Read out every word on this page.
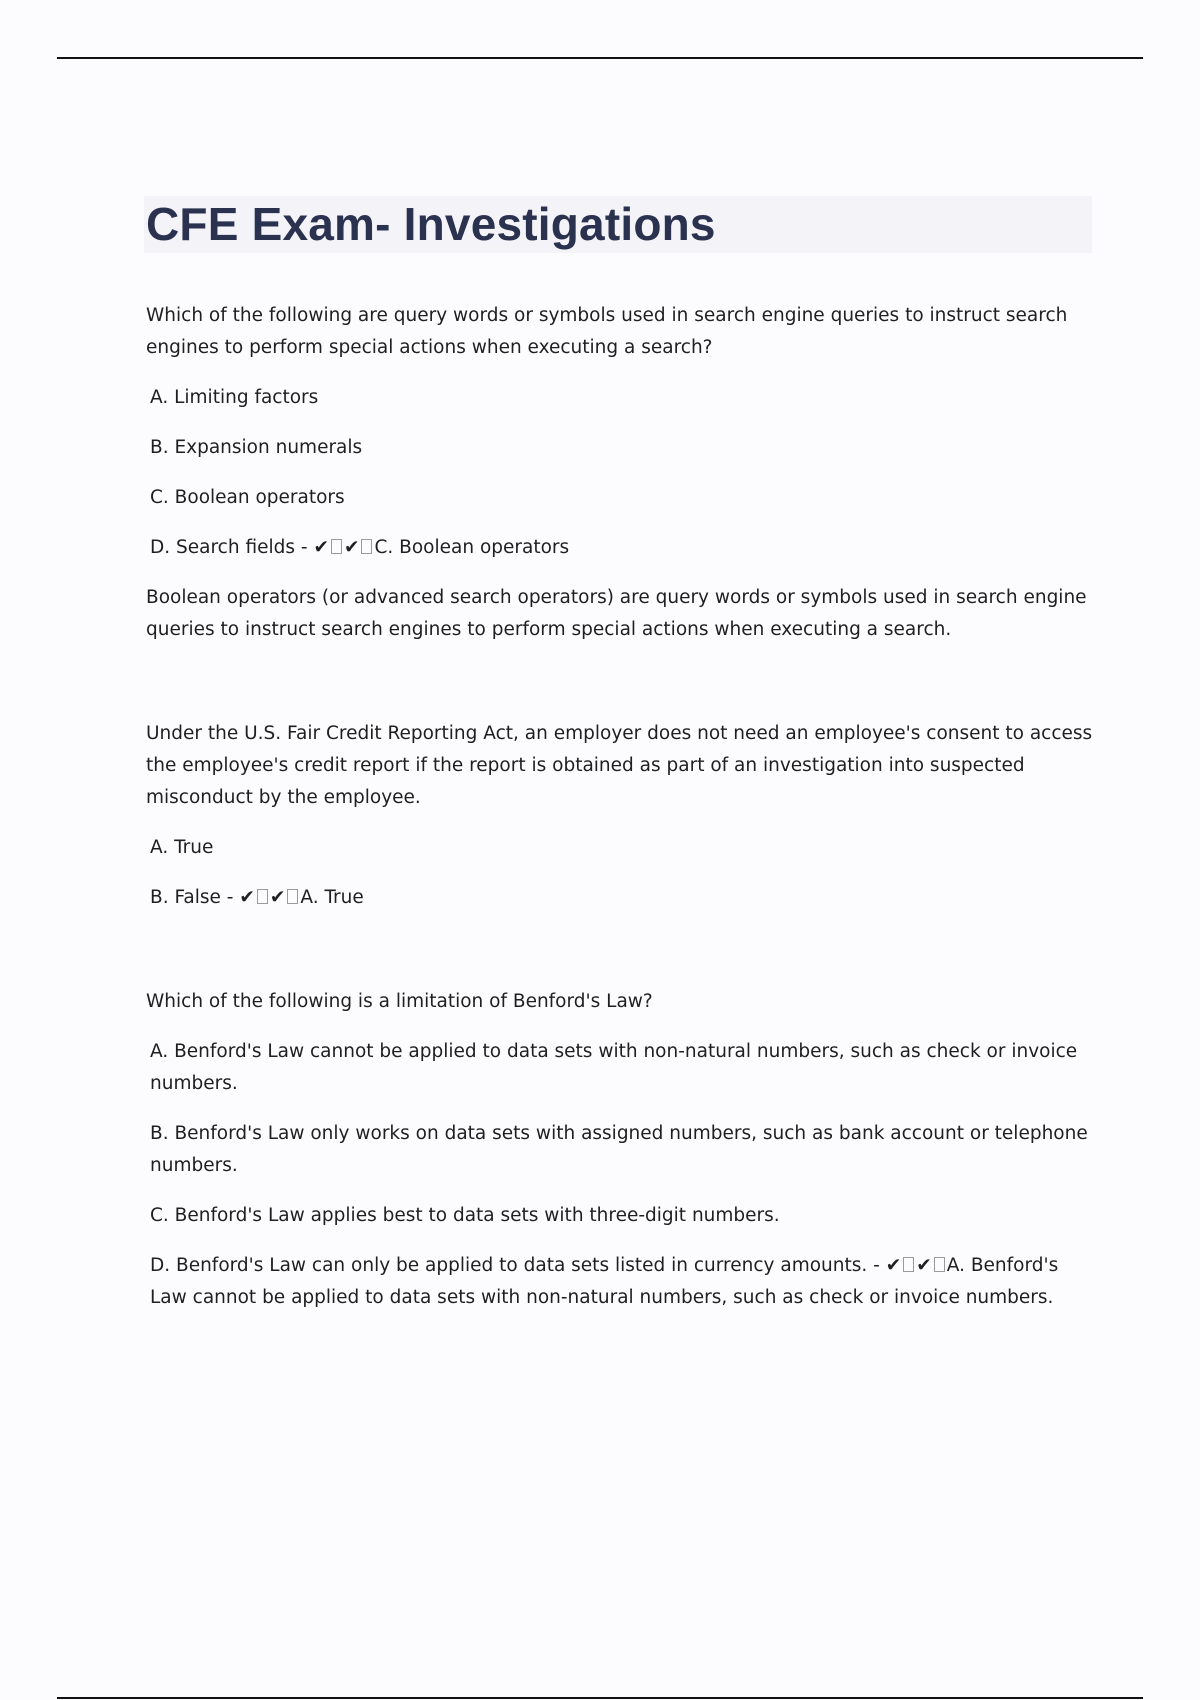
CFE Exam- Investigations

Which of the following are query words or symbols used in search engine queries to instruct search engines to perform special actions when executing a search?

A. Limiting factors

B. Expansion numerals

C. Boolean operators

D. Search fields - ✔ ✔ C. Boolean operators

Boolean operators (or advanced search operators) are query words or symbols used in search engine queries to instruct search engines to perform special actions when executing a search.

Under the U.S. Fair Credit Reporting Act, an employer does not need an employee's consent to access the employee's credit report if the report is obtained as part of an investigation into suspected misconduct by the employee.

A. True

B. False - ✔ ✔ A. True

Which of the following is a limitation of Benford's Law?

A. Benford's Law cannot be applied to data sets with non-natural numbers, such as check or invoice numbers.

B. Benford's Law only works on data sets with assigned numbers, such as bank account or telephone numbers.

C. Benford's Law applies best to data sets with three-digit numbers.

D. Benford's Law can only be applied to data sets listed in currency amounts. - ✔ ✔ A. Benford's Law cannot be applied to data sets with non-natural numbers, such as check or invoice numbers.
